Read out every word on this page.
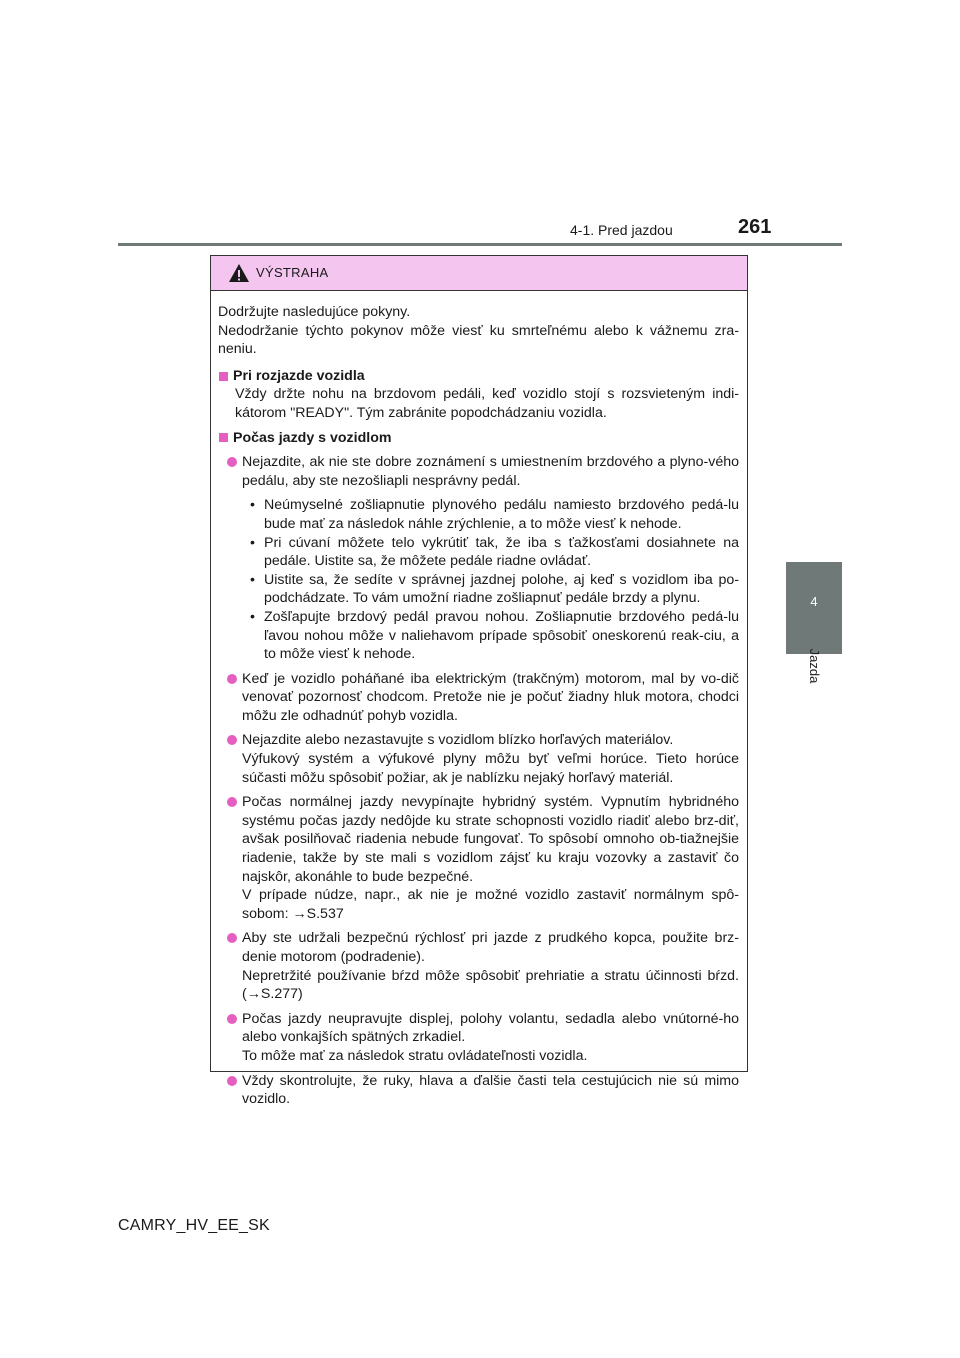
4-1. Pred jazdou	261
4
Jazda
VÝSTRAHA

Dodržujte nasledujúce pokyny.

Nedodržanie týchto pokynov môže viesť ku smrteľnému alebo k vážnemu zra-neniu.

Pri rozjazde vozidla

Vždy držte nohu na brzdovom pedáli, keď vozidlo stojí s rozsvieteným indi-kátorom "READY". Tým zabránite popodchádzaniu vozidla.

Počas jazdy s vozidlom
Nejazdite, ak nie ste dobre zoznámení s umiestnením brzdového a plyno-vého pedálu, aby ste nezošliapli nesprávny pedál.
• Neúmyselné zošliapnutie plynového pedálu namiesto brzdového pedá-lu bude mať za následok náhle zrýchlenie, a to môže viesť k nehode.
• Pri cúvaní môžete telo vykrútiť tak, že iba s ťažkosťami dosiahnete na pedále. Uistite sa, že môžete pedále riadne ovládať.
• Uistite sa, že sedíte v správnej jazdnej polohe, aj keď s vozidlom iba po-podchádzate. To vám umožní riadne zošliapnuť pedále brzdy a plynu.
• Zošľapujte brzdový pedál pravou nohou. Zošliapnutie brzdového pedá-lu ľavou nohou môže v naliehavom prípade spôsobiť oneskorenú reak-ciu, a to môže viesť k nehode.
Keď je vozidlo poháňané iba elektrickým (trakčným) motorom, mal by vo-dič venovať pozornosť chodcom. Pretože nie je počuť žiadny hluk motora, chodci môžu zle odhadnúť pohyb vozidla.
Nejazdite alebo nezastavujte s vozidlom blízko horľavých materiálov.
Výfukový systém a výfukové plyny môžu byť veľmi horúce. Tieto horúce súčasti môžu spôsobiť požiar, ak je nablízku nejaký horľavý materiál.
Počas normálnej jazdy nevypínajte hybridný systém. Vypnutím hybridného systému počas jazdy nedôjde ku strate schopnosti vozidlo riadiť alebo brz-diť, avšak posilňovač riadenia nebude fungovať. To spôsobí omnoho ob-tiažnejšie riadenie, takže by ste mali s vozidlom zájsť ku kraju vozovky a zastaviť čo najskôr, akonáhle to bude bezpečné.
V prípade núdze, napr., ak nie je možné vozidlo zastaviť normálnym spô-sobom: →S.537
Aby ste udržali bezpečnú rýchlosť pri jazde z prudkého kopca, použite brz-denie motorom (podradenie).
Nepretržité používanie bŕzd môže spôsobiť prehriatie a stratu účinnosti bŕzd. (→S.277)
Počas jazdy neupravujte displej, polohy volantu, sedadla alebo vnútorné-ho alebo vonkajších spätných zrkadiel.
To môže mať za následok stratu ovládateľnosti vozidla.
Vždy skontrolujte, že ruky, hlava a ďalšie časti tela cestujúcich nie sú mimo vozidlo.
CAMRY_HV_EE_SK
